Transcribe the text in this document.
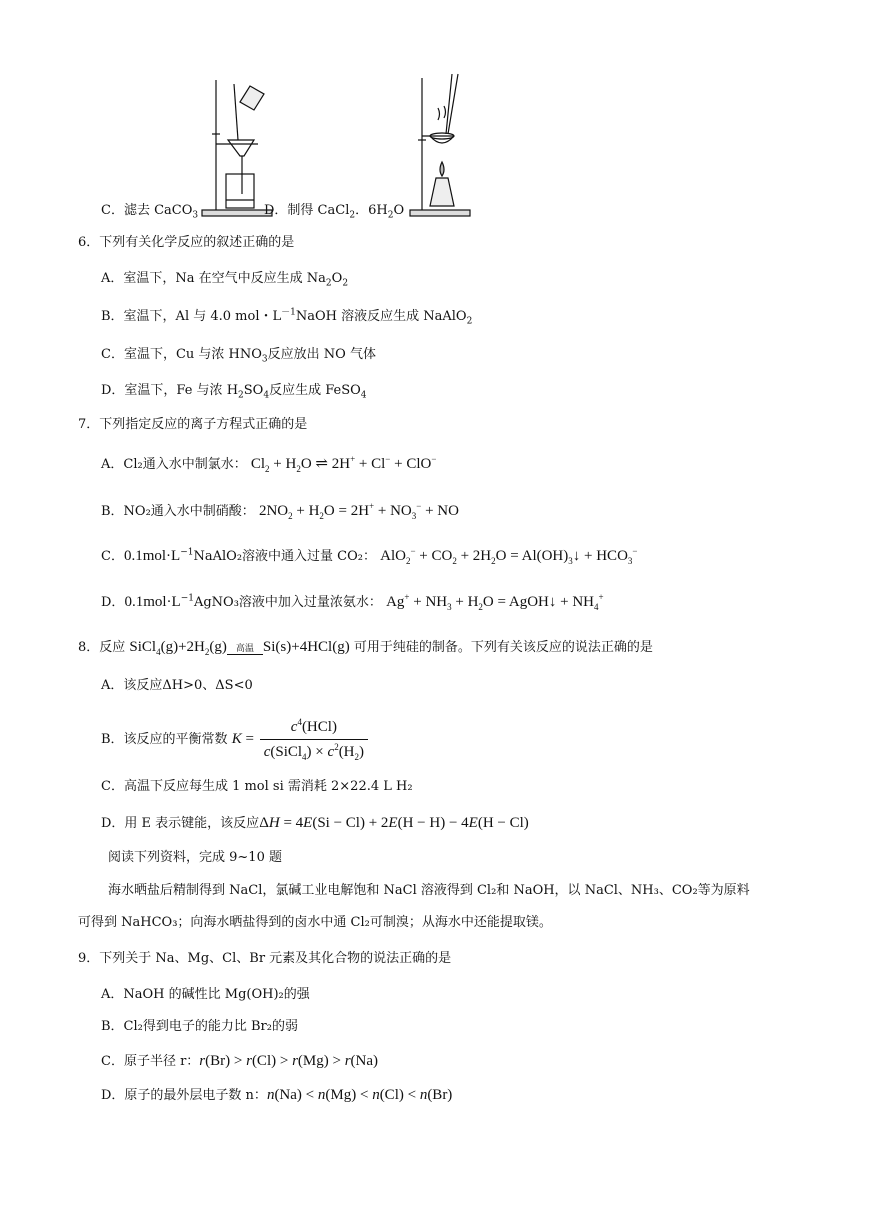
C．滤去 CaCO$_3$	D．制得 CaCl$_2$．$6H_2O$
6．下列有关化学反应的叙述正确的是
A．室温下，Na 在空气中反应生成 $Na_2O_2$
B．室温下，Al 与 4.0 mol・$L^{-1}NaOH$ 溶液反应生成 NaAlO$_2$
C．室温下，Cu 与浓 $HNO_3$反应放出 NO 气体
D．室温下，Fe 与浓 $H_2SO_4$反应生成 FeSO$_4$
7．下列指定反应的离子方程式正确的是
A．Cl₂通入水中制氯水： $Cl_2 + H_2O$ ⇌ 2H+ + Cl− + ClO−
B．NO₂通入水中制硝酸： $2NO_2 + H_2O = 2H^+ + NO_3^-$ + NO
C．$0.1mol\cdot L^{-1}NaAlO_2$溶液中通入过量 CO₂： $AlO_2^- + CO_2 + 2H_2O$ = $Al(OH)_3↓ + HCO_3^-$
D．$0.1mol\cdot L^{-1}AgNO_3$溶液中加入过量浓氨水： $Ag^+ + NH_3 + H_2O$ = AgOH↓ + $NH_4^+$
8．反应 $SiCl_4(g)+2H_2(g)$ 高温 Si(s)+4HCl(g) 可用于纯硅的制备。下列有关该反应的说法正确的是
A．该反应ΔH>0、ΔS<0
B．该反应的平衡常数 $K = \frac{c^4(HCl)}{c(SiCl_4) \times c^2(H_2)}$
C．高温下反应每生成 1 mol si 需消耗 2×22.4 L H₂
D．用 E 表示键能，该反应ΔH = 4E(Si − Cl) + 2E(H − H) − 4E(H − Cl)
阅读下列资料，完成 9~10 题
海水晒盐后精制得到 NaCl，氯碱工业电解饱和 NaCl 溶液得到 Cl₂和 NaOH，以 NaCl、NH₃、CO₂等为原料
可得到 NaHCO₃；向海水晒盐得到的卤水中通 Cl₂可制溴；从海水中还能提取镁。
9．下列关于 Na、Mg、Cl、Br 元素及其化合物的说法正确的是
A．NaOH 的碱性比 Mg(OH)₂的强
B．Cl₂得到电子的能力比 Br₂的弱
C．原子半径 r：r(Br) > r(Cl) > r(Mg) > r(Na)
D．原子的最外层电子数 n：n(Na) < n(Mg) < n(Cl) < n(Br)
